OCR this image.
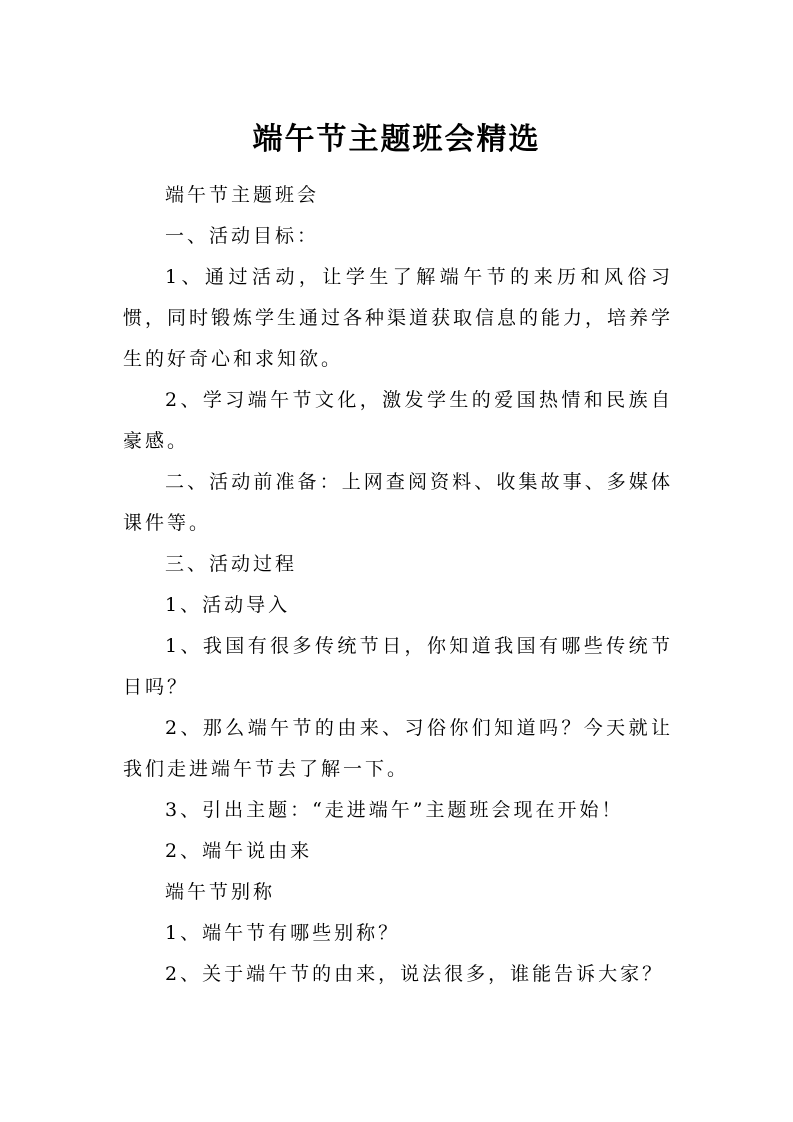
端午节主题班会精选

端午节主题班会

一、活动目标：

1、通过活动，让学生了解端午节的来历和风俗习惯，同时锻炼学生通过各种渠道获取信息的能力，培养学生的好奇心和求知欲。

2、学习端午节文化，激发学生的爱国热情和民族自豪感。

二、活动前准备：上网查阅资料、收集故事、多媒体课件等。

三、活动过程

1、活动导入

1、我国有很多传统节日，你知道我国有哪些传统节日吗？

2、那么端午节的由来、习俗你们知道吗？今天就让我们走进端午节去了解一下。

3、引出主题：“走进端午”主题班会现在开始！

2、端午说由来

端午节别称

1、端午节有哪些别称？

2、关于端午节的由来，说法很多，谁能告诉大家？
